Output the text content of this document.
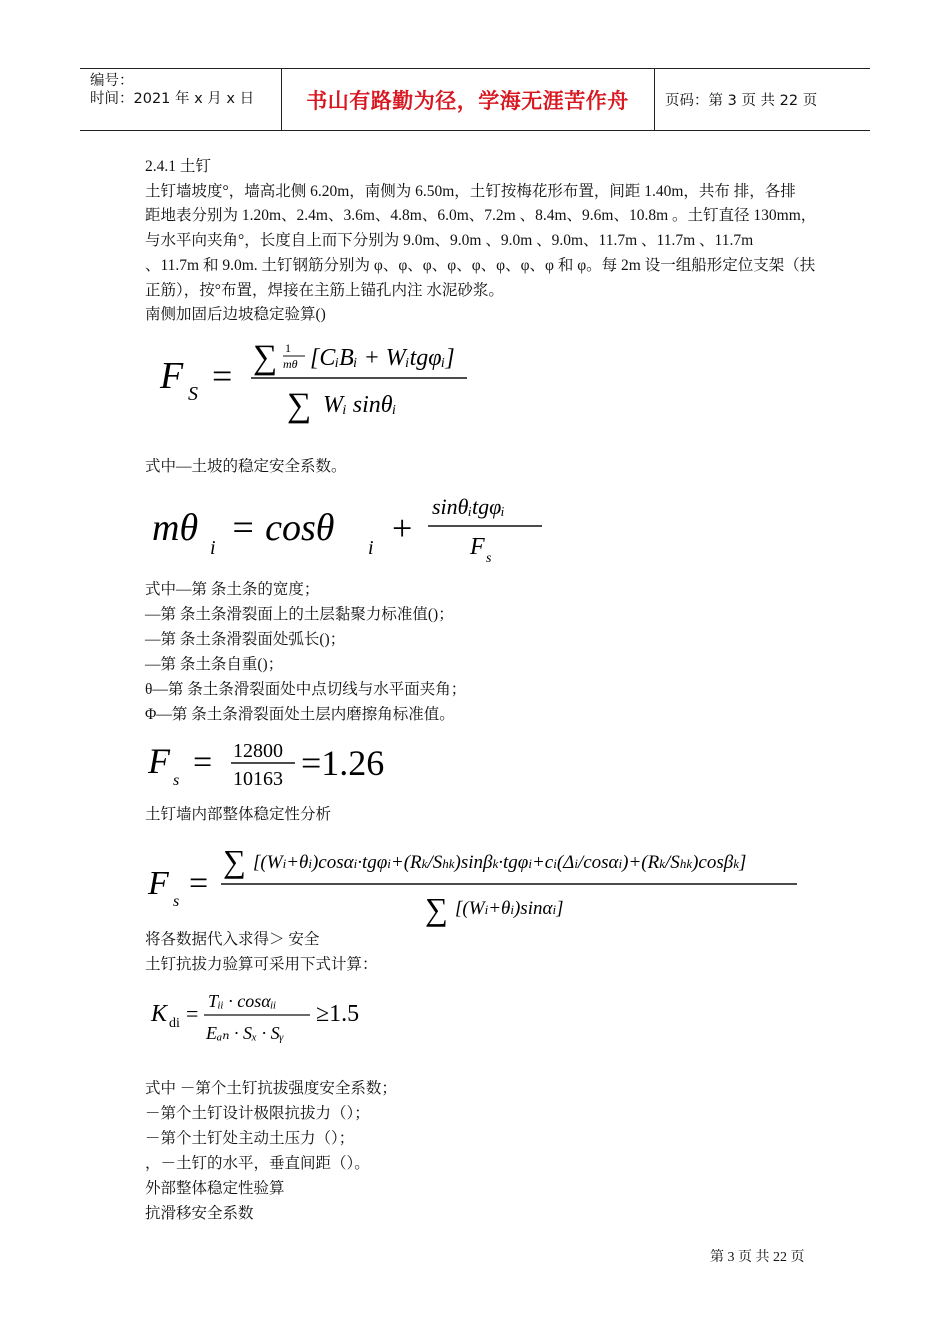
编号：
时间：2021 年 x 月 x 日	书山有路勤为径，学海无涯苦作舟	页码：第 3 页 共 22 页
2.4.1 土钉
土钉墙坡度°，墙高北侧 6.20m，南侧为 6.50m，土钉按梅花形布置，间距 1.40m，共布 排，各排
距地表分别为 1.20m、2.4m、3.6m、4.8m、6.0m、7.2m 、8.4m、9.6m、10.8m 。土钉直径 130mm，
与水平向夹角°，长度自上而下分别为 9.0m、9.0m 、9.0m 、9.0m、11.7m 、11.7m 、11.7m
、11.7m 和 9.0m. 土钉钢筋分别为 φ、φ、φ、φ、φ、φ、φ、φ 和 φ。每 2m 设一组船形定位支架（扶
正筋），按°布置，焊接在主筋上锚孔内注 水泥砂浆。
南侧加固后边坡稳定验算()
F S = ∑ 1
mθ [CᵢBᵢ + Wᵢtgφᵢ]
∑ Wᵢ sinθᵢ
式中—土坡的稳定安全系数。
mθ i = cosθ i +
sinθᵢtgφᵢ
F s
式中—第 条土条的宽度；
—第 条土条滑裂面上的土层黏聚力标准值()；
—第 条土条滑裂面处弧长()；
—第 条土条自重()；
θ—第 条土条滑裂面处中点切线与水平面夹角；
Φ—第 条土条滑裂面处土层内磨擦角标准值。
F s = 12800
10163 =1.26
土钉墙内部整体稳定性分析
F s =
∑ [(Wi+θi)cosαi·tgφi+(Rk/Shk)sinβk·tgφi+ci(Δi/cosαi)+(Rk/Shk)cosβk]
∑ [(Wi+θi)sinαi]
将各数据代入求得＞ 安全
土钉抗拔力验算可采用下式计算：
K di = Tᵢᵢ · cosαᵢᵢ
Eₐₙ · Sₓ · Sᵧ
≥1.5
式中 －第个土钉抗拔强度安全系数；
－第个土钉设计极限抗拔力（）；
－第个土钉处主动土压力（）；
，－土钉的水平，垂直间距（）。
外部整体稳定性验算
抗滑移安全系数
第 3 页 共 22 页
